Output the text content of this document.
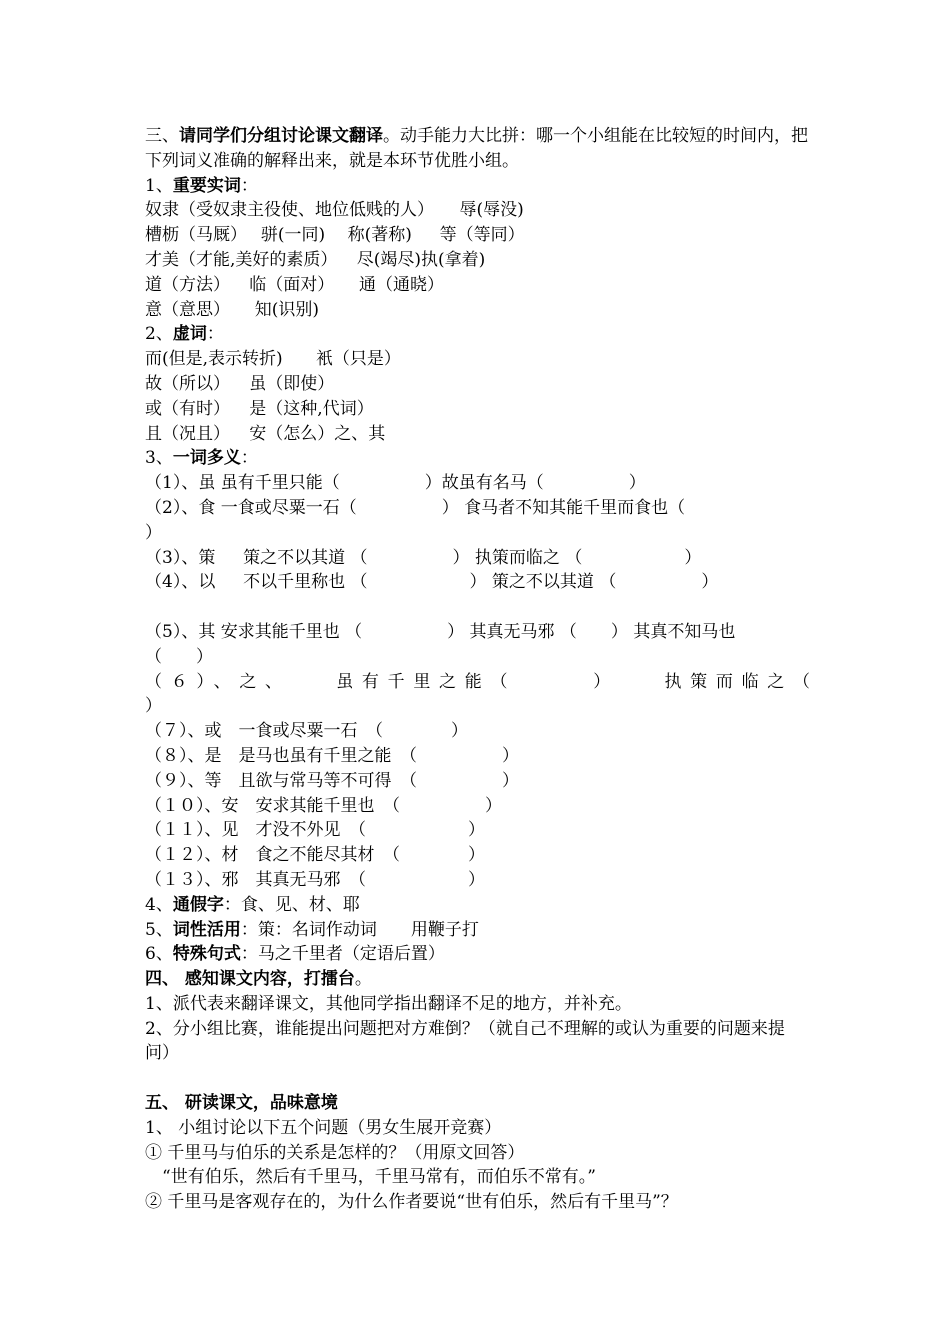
三、请同学们分组讨论课文翻译。动手能力大比拼：哪一个小组能在比较短的时间内，把下列词义准确的解释出来，就是本环节优胜小组。
1、重要实词：
奴隶（受奴隶主役使、地位低贱的人）　　辱(辱没)
槽枥（马厩）　 骈(一同)　 称(著称)　  等（等同）
才美（才能,美好的素质）　  尽(竭尽)执(拿着)
道（方法）　  临（面对）　   通（通晓）
意（意思）　   知(识别)
2、虚词：
而(但是,表示转折)　   衹（只是）
故（所以）　  虽（即使）
或（有时）　  是（这种,代词）
且（况且）　  安（怎么）之、其
3、一词多义：
（1）、虽 虽有千里只能（　　　　　）故虽有名马（　　　　　）
（2）、食 一食或尽粟一石（　　　　　） 食马者不知其能千里而食也（
）
（3）、策　  策之不以其道 （　　　　　） 执策而临之 （　　　　　　）
（4）、以　  不以千里称也 （　　　　　　） 策之不以其道 （　　　　　）
（5）、其 安求其能千里也 （　　　　　） 其真无马邪 （　　） 其真不知马也
（　　）
（６）、之、　  虽有千里之能（　　　）　  执策而临之（
）
（７）、或　一食或尽粟一石　（　　　　）
（８）、是　是马也虽有千里之能　（　　　　　）
（９）、等　且欲与常马等不可得　（　　　　　）
（１０）、安　安求其能千里也　（　　　　　）
（１１）、见　才没不外见　（　　　　　　）
（１２）、材　食之不能尽其材　（　　　　）
（１３）、邪　其真无马邪　（　　　　　　）
4、通假字：食、见、材、耶
5、词性活用：策：名词作动词　　用鞭子打
6、特殊句式：马之千里者（定语后置）
四、 感知课文内容，打擂台。
1、派代表来翻译课文，其他同学指出翻译不足的地方，并补充。
2、分小组比赛，谁能提出问题把对方难倒？（就自己不理解的或认为重要的问题来提问）
五、 研读课文，品味意境
1、 小组讨论以下五个问题（男女生展开竞赛）
① 千里马与伯乐的关系是怎样的？（用原文回答）
　“世有伯乐，然后有千里马，千里马常有，而伯乐不常有。”
② 千里马是客观存在的，为什么作者要说“世有伯乐，然后有千里马”？
